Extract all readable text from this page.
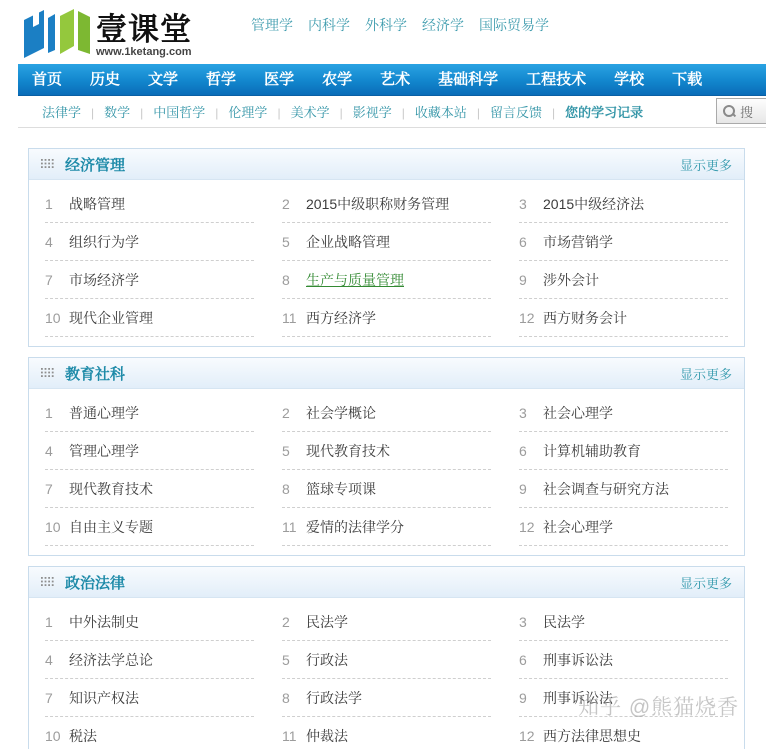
壹课堂
www.1ketang.com
管理学 内科学 外科学 经济学 国际贸易学
首页	历史	文学	哲学	医学	农学	艺术	基础科学	工程技术	学校	下载
法律学 | 数学 | 中国哲学 | 伦理学 | 美术学 | 影视学 | 收藏本站 | 留言反馈 | 您的学习记录	搜
经济管理	显示更多
1	战略管理	2	2015中级职称财务管理	3	2015中级经济法
4	组织行为学	5	企业战略管理	6	市场营销学
7	市场经济学	8	生产与质量管理	9	涉外会计
10 现代企业管理	11 西方经济学	12 西方财务会计
教育社科	显示更多
1	普通心理学	2	社会学概论	3	社会心理学
4	管理心理学	5	现代教育技术	6	计算机辅助教育
7	现代教育技术	8	篮球专项课	9	社会调查与研究方法
10 自由主义专题	11 爱情的法律学分	12 社会心理学
政治法律	显示更多
1	中外法制史	2	民法学	3	民法学
4	经济法学总论	5	行政法	6	刑事诉讼法
7	知识产权法	8	行政法学	9	刑事诉讼法
10 税法	11 仲裁法	12 西方法律思想史
知乎 @熊猫烧香
